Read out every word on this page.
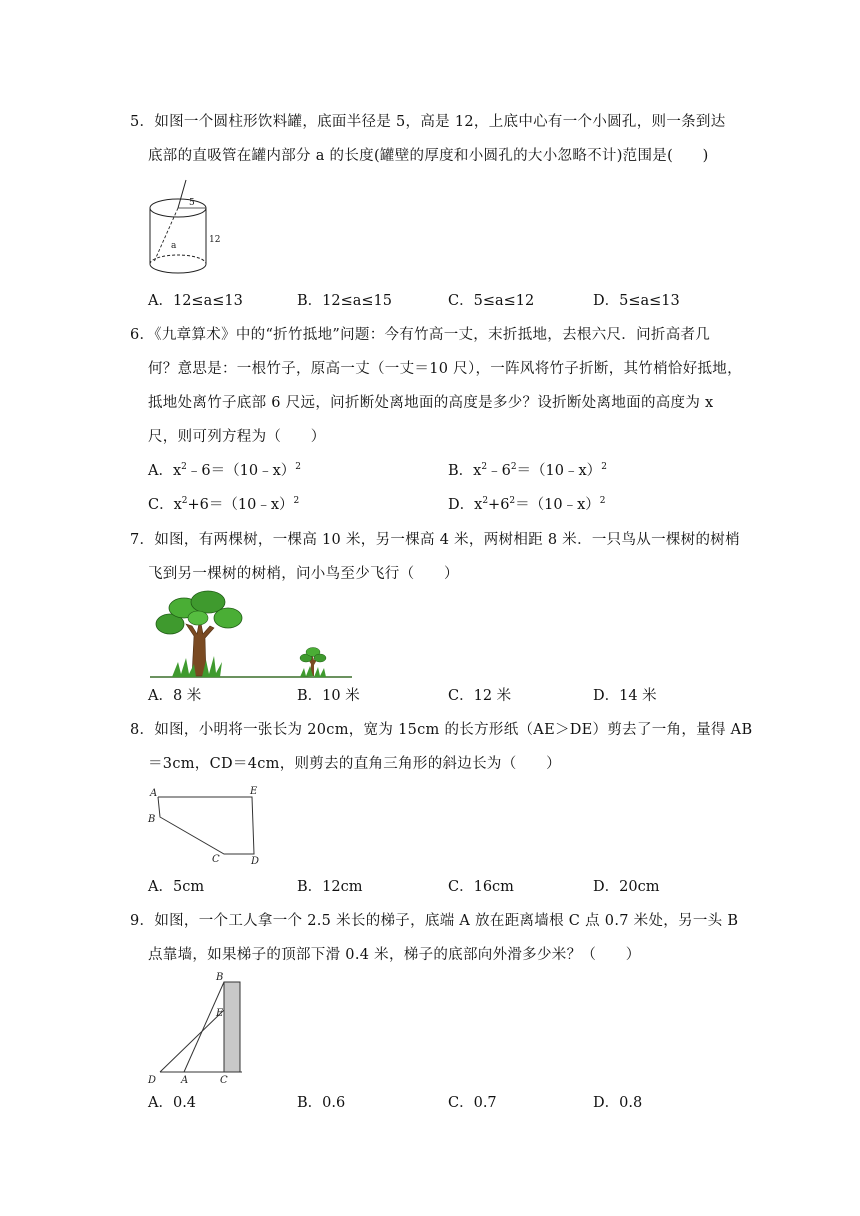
5．如图一个圆柱形饮料罐，底面半径是 5，高是 12，上底中心有一个小圆孔，则一条到达
底部的直吸管在罐内部分 a 的长度(罐壁的厚度和小圆孔的大小忽略不计)范围是(　　)
5
12
a
A．12≤a≤13	B．12≤a≤15	C．5≤a≤12	D．5≤a≤13
6．《九章算术》中的“折竹抵地”问题：今有竹高一丈，末折抵地，去根六尺．问折高者几
何？意思是：一根竹子，原高一丈（一丈＝10 尺），一阵风将竹子折断，其竹梢恰好抵地，
抵地处离竹子底部 6 尺远，问折断处离地面的高度是多少？设折断处离地面的高度为 x
尺，则可列方程为（　　）
A．$x^2﹣6=(10﹣x)^2$	B．$x^2﹣6^2=(10﹣x)^2$
C．$x^2+6=(10﹣x)^2$	D．$x^2+6^2=(10﹣x)^2$
7．如图，有两棵树，一棵高 10 米，另一棵高 4 米，两树相距 8 米．一只鸟从一棵树的树梢
飞到另一棵树的树梢，问小鸟至少飞行（　　）
A．8 米	B．10 米	C．12 米	D．14 米
8．如图，小明将一张长为 20cm，宽为 15cm 的长方形纸（AE＞DE）剪去了一角，量得 AB
＝3cm，CD＝4cm，则剪去的直角三角形的斜边长为（　　）
A
B
C	D
E
A．5cm	B．12cm	C．16cm	D．20cm
9．如图，一个工人拿一个 2.5 米长的梯子，底端 A 放在距离墙根 C 点 0.7 米处，另一头 B
点靠墙，如果梯子的顶部下滑 0.4 米，梯子的底部向外滑多少米？（　　）
B
E
D A	C
A．0.4	B．0.6	C．0.7	D．0.8
